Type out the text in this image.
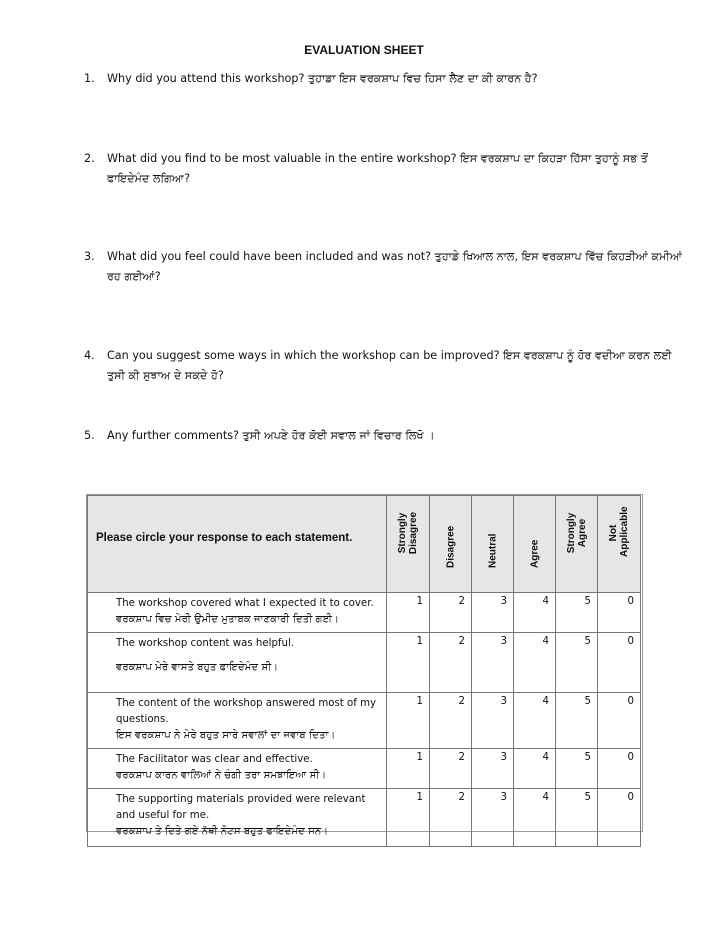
EVALUATION SHEET
1. Why did you attend this workshop? ਤੁਹਾਡਾ ਇਸ ਵਰਕਸ਼ਾਪ ਵਿਚ ਹਿਸਾ ਲੈਣ ਦਾ ਕੀ ਕਾਰਨ ਹੈ?
2. What did you find to be most valuable in the entire workshop? ਇਸ ਵਰਕਸ਼ਾਪ ਦਾ ਕਿਹੜਾ ਹਿੱਸਾ ਤੁਹਾਨੂੰ ਸਭ ਤੋਂ ਫਾਇਦੇਮੰਦ ਲਗਿਆ?
3. What did you feel could have been included and was not? ਤੁਹਾਡੇ ਖਿਆਲ ਨਾਲ, ਇਸ ਵਰਕਸ਼ਾਪ ਵਿੱਚ ਕਿਹੜੀਆਂ ਕਮੀਆਂ ਰਹ ਗਈਆਂ?
4. Can you suggest some ways in which the workshop can be improved? ਇਸ ਵਰਕਸ਼ਾਪ ਨੂੰ ਹੋਰ ਵਦੀਆ ਕਰਨ ਲਈ ਤੁਸੀ ਕੀ ਸੁਝਾਅ ਦੇ ਸਕਦੇ ਹੋ?
5. Any further comments? ਤੁਸੀ ਅਪਣੇ ਹੋਰ ਕੋਈ ਸਵਾਲ ਜਾਂ ਵਿਚਾਰ ਲਿਖੋ ।
Please circle your response to each statement.	Strongly Disagree	Disagree	Neutral	Agree	Strongly Agree	Not Applicable

The workshop covered what I expected it to cover.
ਵਰਕਸ਼ਾਪ ਵਿਚ ਮੇਰੀ ਉਮੀਦ ਮੁਤਾਬਕ ਜਾਣਕਾਰੀ ਦਿਤੀ ਗਈ।	1	2	3	4	5	0
The workshop content was helpful.
ਵਰਕਸ਼ਾਪ ਮੇਰੇ ਵਾਸਤੇ ਬਹੁਤ ਫਾਇਦੇਮੰਦ ਸੀ।	1	2	3	4	5	0
The content of the workshop answered most of my questions.
ਇਸ ਵਰਕਸ਼ਾਪ ਨੇ ਮੇਰੇ ਬਹੁਤ ਸਾਰੇ ਸਵਾਲਾਂ ਦਾ ਜਵਾਬ ਦਿਤਾ।	1	2	3	4	5	0
The Facilitator was clear and effective.
ਵਰਕਸ਼ਾਪ ਕਾਰਨ ਵਾਲਿਆਂ ਨੇ ਚੰਗੀ ਤਰਾ ਸਮਝਾਇਆ ਸੀ।	1	2	3	4	5	0
The supporting materials provided were relevant and useful for me.
ਵਰਕਸ਼ਾਪ ਤੇ ਦਿਤੇ ਗਏ ਨੱਥੀ ਨੋਟਸ ਬਹੁਤ ਫਾਇਦੇਮੰਦ ਸਨ।	1	2	3	4	5	0
